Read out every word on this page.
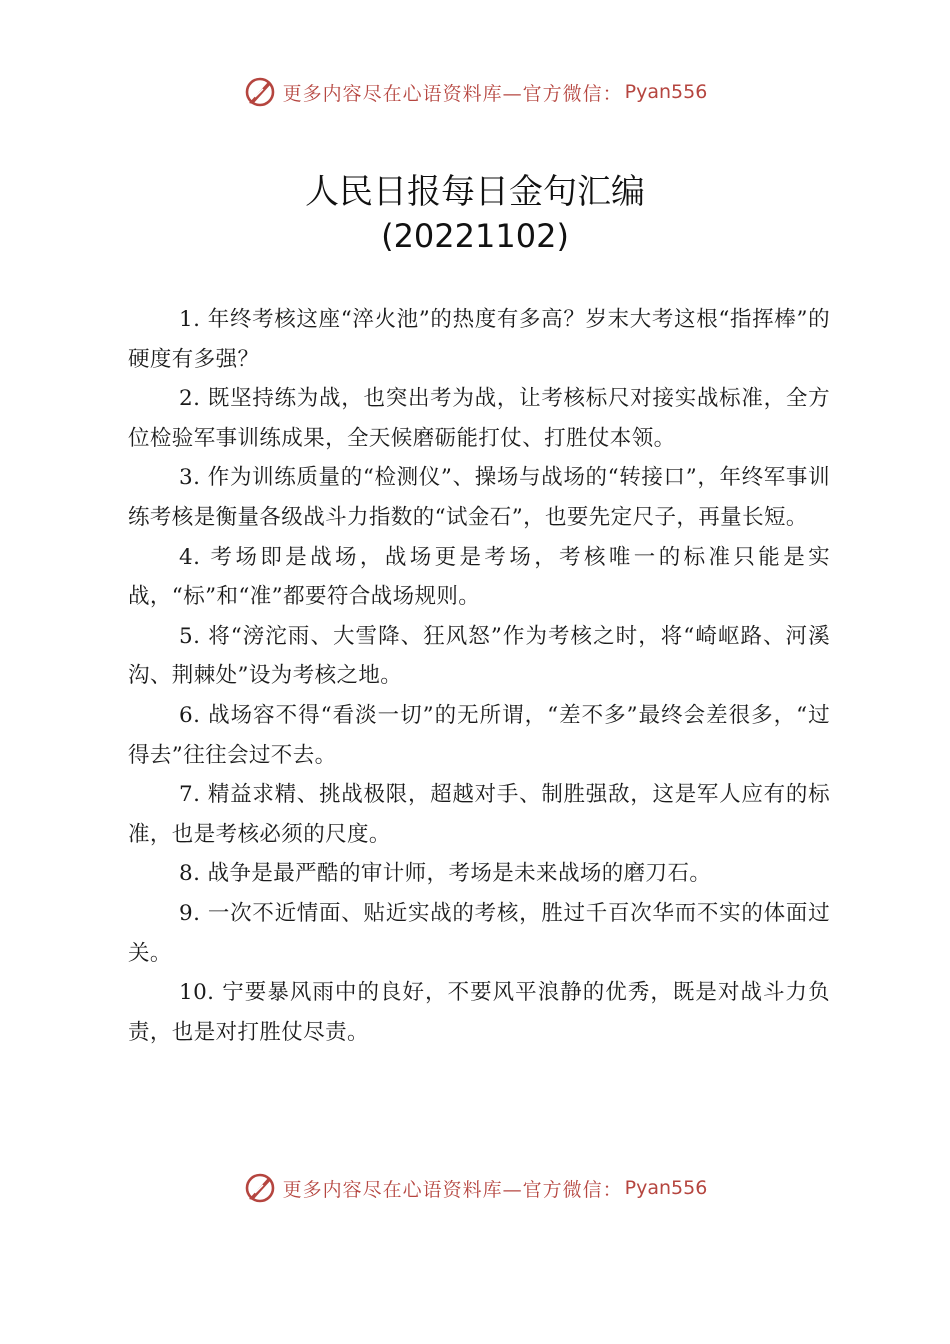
更多内容尽在心语资料库—官方微信： Pyan556
人民日报每日金句汇编
(20221102)

1. 年终考核这座“淬火池”的热度有多高？岁末大考这根“指挥棒”的硬度有多强？

2. 既坚持练为战，也突出考为战，让考核标尺对接实战标准，全方位检验军事训练成果，全天候磨砺能打仗、打胜仗本领。

3. 作为训练质量的“检测仪”、操场与战场的“转接口”，年终军事训练考核是衡量各级战斗力指数的“试金石”，也要先定尺子，再量长短。

4. 考场即是战场，战场更是考场，考核唯一的标准只能是实战，“标”和“准”都要符合战场规则。

5. 将“滂沱雨、大雪降、狂风怒”作为考核之时，将“崎岖路、河溪沟、荆棘处”设为考核之地。

6. 战场容不得“看淡一切”的无所谓，“差不多”最终会差很多，“过得去”往往会过不去。

7. 精益求精、挑战极限，超越对手、制胜强敌，这是军人应有的标准，也是考核必须的尺度。

8. 战争是最严酷的审计师，考场是未来战场的磨刀石。

9. 一次不近情面、贴近实战的考核，胜过千百次华而不实的体面过关。

10. 宁要暴风雨中的良好，不要风平浪静的优秀，既是对战斗力负责，也是对打胜仗尽责。

更多内容尽在心语资料库—官方微信： Pyan556
